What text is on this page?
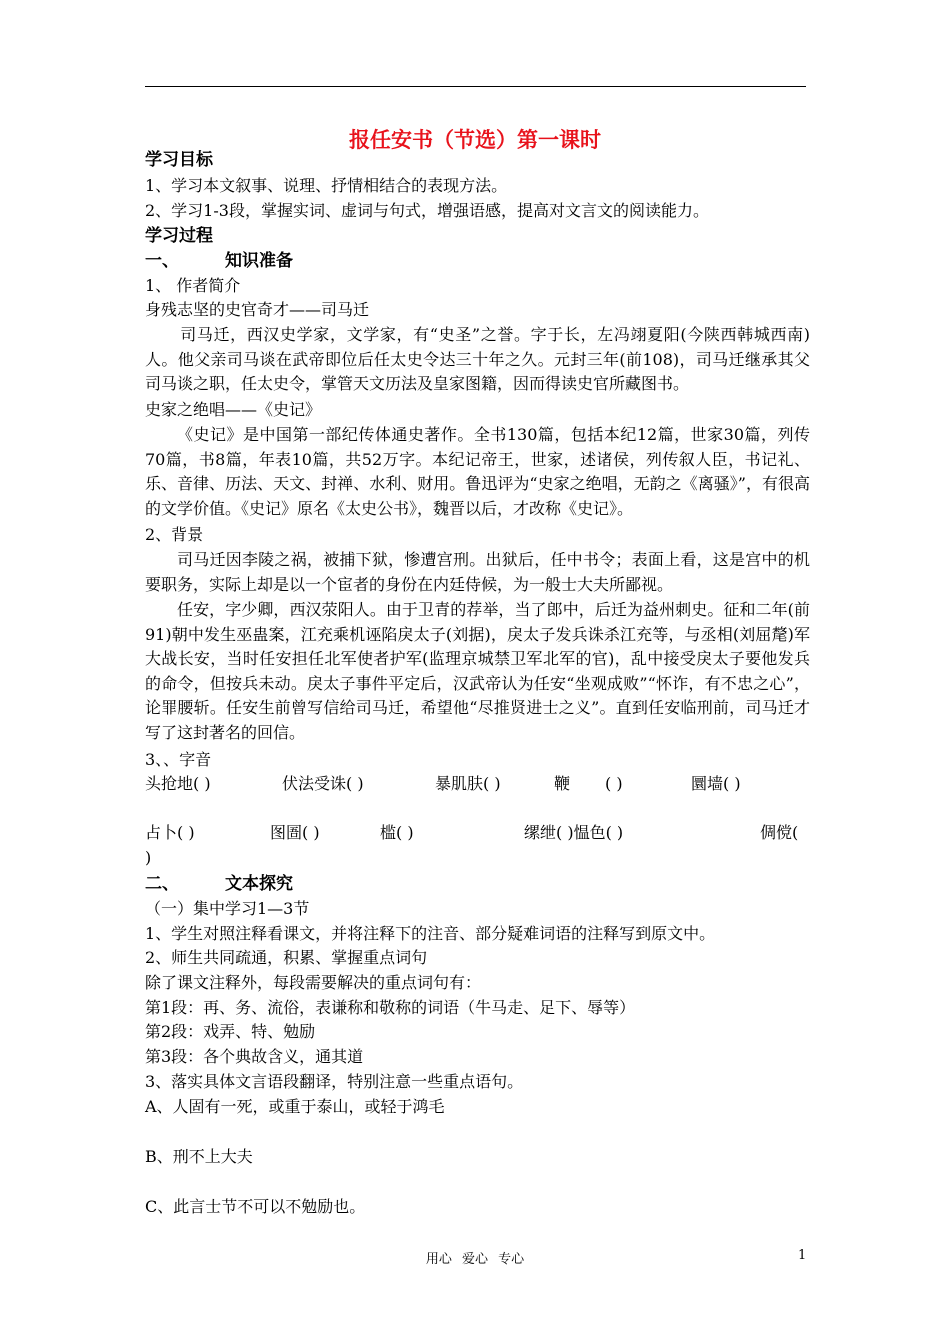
报任安书（节选）第一课时
学习目标
1、学习本文叙事、说理、抒情相结合的表现方法。
2、学习1-3段，掌握实词、虚词与句式，增强语感，提高对文言文的阅读能力。
学习过程
一、	知识准备
1、 作者简介
身残志坚的史官奇才——司马迁
司马迁，西汉史学家，文学家，有“史圣”之誉。字于长，左冯翊夏阳(今陕西韩城西南)人。他父亲司马谈在武帝即位后任太史令达三十年之久。元封三年(前108)，司马迁继承其父司马谈之职，任太史令，掌管天文历法及皇家图籍，因而得读史官所藏图书。
史家之绝唱——《史记》
《史记》是中国第一部纪传体通史著作。全书130篇，包括本纪12篇，世家30篇，列传70篇，书8篇，年表10篇，共52万字。本纪记帝王，世家，述诸侯，列传叙人臣，书记礼、乐、音律、历法、天文、封禅、水利、财用。鲁迅评为“史家之绝唱，无韵之《离骚》”，有很高的文学价值。《史记》原名《太史公书》，魏晋以后，才改称《史记》。
2、背景
司马迁因李陵之祸，被捕下狱，惨遭宫刑。出狱后，任中书令；表面上看，这是宫中的机要职务，实际上却是以一个宦者的身份在内廷侍候，为一般士大夫所鄙视。
任安，字少卿，西汉荥阳人。由于卫青的荐举，当了郎中，后迁为益州刺史。征和二年(前91)朝中发生巫蛊案，江充乘机诬陷戾太子(刘据)，戾太子发兵诛杀江充等，与丞相(刘屈氂)军大战长安，当时任安担任北军使者护军(监理京城禁卫军北军的官)，乱中接受戾太子要他发兵的命令，但按兵未动。戾太子事件平定后，汉武帝认为任安“坐观成败”“怀诈，有不忠之心”，论罪腰斩。任安生前曾写信给司马迁，希望他“尽推贤进士之义”。直到任安临刑前，司马迁才写了这封著名的回信。
3、、字音
头抢地( )	伏法受诛( )	暴肌肤( )	鞭 ( )	圜墙( )
占卜( )	图圄( )	槛( )	缧绁( )愠色( )	倜傥(
)
二、	文本探究
（一）集中学习1—3节
1、学生对照注释看课文，并将注释下的注音、部分疑难词语的注释写到原文中。
2、师生共同疏通，积累、掌握重点词句
除了课文注释外，每段需要解决的重点词句有：
第1段：再、务、流俗，表谦称和敬称的词语（牛马走、足下、辱等）
第2段：戏弄、特、勉励
第3段：各个典故含义，通其道
3、落实具体文言语段翻译，特别注意一些重点语句。
A、人固有一死，或重于泰山，或轻于鸿毛
B、刑不上大夫
C、此言士节不可以不勉励也。
用心 爱心 专心	1
